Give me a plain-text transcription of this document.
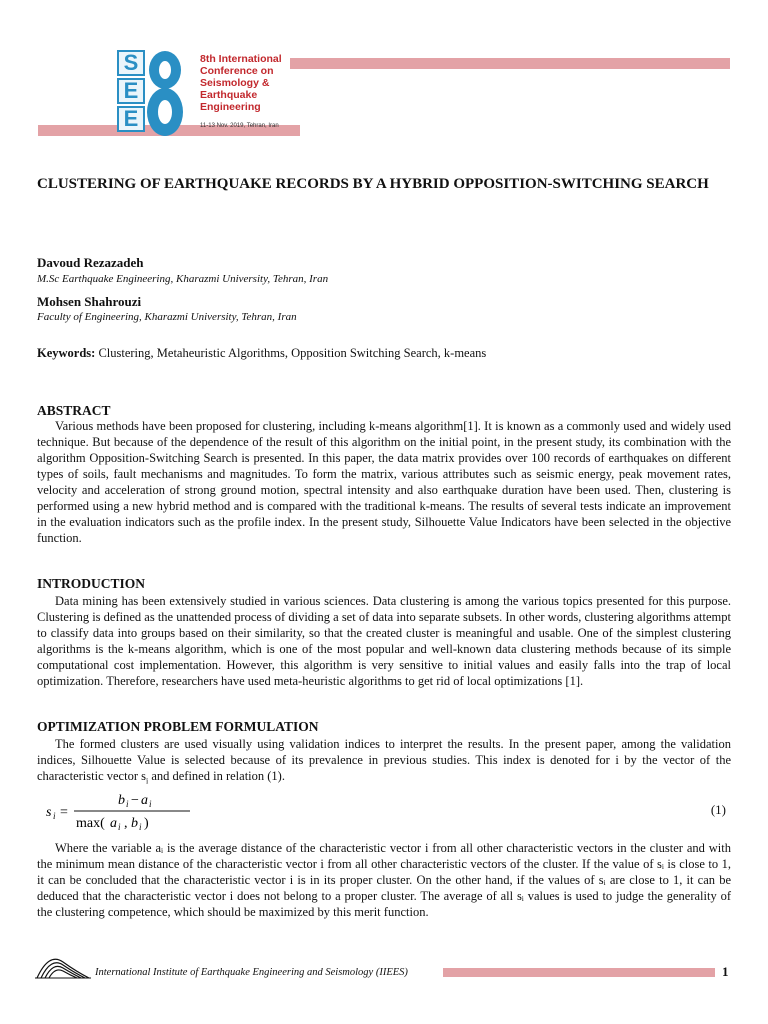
S
E
E
8th International
Conference on
Seismology &
Earthquake
Engineering
11-13 Nov. 2019, Tehran, Iran
CLUSTERING OF EARTHQUAKE RECORDS BY A HYBRID OPPOSITION-SWITCHING SEARCH
Davoud Rezazadeh
M.Sc Earthquake Engineering, Kharazmi University, Tehran, Iran
Mohsen Shahrouzi
Faculty of Engineering, Kharazmi University, Tehran, Iran
Keywords: Clustering, Metaheuristic Algorithms, Opposition Switching Search, k-means
ABSTRACT
Various methods have been proposed for clustering, including k-means algorithm[1]. It is known as a commonly used and widely used technique. But because of the dependence of the result of this algorithm on the initial point, in the present study, its combination with the algorithm Opposition-Switching Search is presented. In this paper, the data matrix provides over 100 records of earthquakes on different types of soils, fault mechanisms and magnitudes. To form the matrix, various attributes such as seismic energy, peak movement rates, velocity and acceleration of strong ground motion, spectral intensity and also earthquake duration have been used. Then, clustering is performed using a new hybrid method and is compared with the traditional k-means. The results of several tests indicate an improvement in the evaluation indicators such as the profile index. In the present study, Silhouette Value Indicators have been selected in the objective function.
INTRODUCTION
Data mining has been extensively studied in various sciences. Data clustering is among the various topics presented for this purpose. Clustering is defined as the unattended process of dividing a set of data into separate subsets. In other words, clustering algorithms attempt to classify data into groups based on their similarity, so that the created cluster is meaningful and usable. One of the simplest clustering algorithms is the k-means algorithm, which is one of the most popular and well-known data clustering methods because of its simple computational cost implementation. However, this algorithm is very sensitive to initial values and easily falls into the trap of local optimization. Therefore, researchers have used meta-heuristic algorithms to get rid of local optimizations [1].
OPTIMIZATION PROBLEM FORMULATION
The formed clusters are used visually using validation indices to interpret the results. In the present paper, among the validation indices, Silhouette Value is selected because of its prevalence in previous studies. This index is denoted for i by the vector of the characteristic vector $s_i$ and defined in relation (1).
s i =
b i − a i
max( a i , b i )
(1)
Where the variable aᵢ is the average distance of the characteristic vector i from all other characteristic vectors in the cluster and with the minimum mean distance of the characteristic vector i from all other characteristic vectors of the cluster. If the value of sᵢ is close to 1, it can be concluded that the characteristic vector i is in its proper cluster. On the other hand, if the values of sᵢ are close to 1, it can be deduced that the characteristic vector i does not belong to a proper cluster. The average of all sᵢ values is used to judge the generality of the clustering competence, which should be maximized by this merit function.
International Institute of Earthquake Engineering and Seismology (IIEES)	1
